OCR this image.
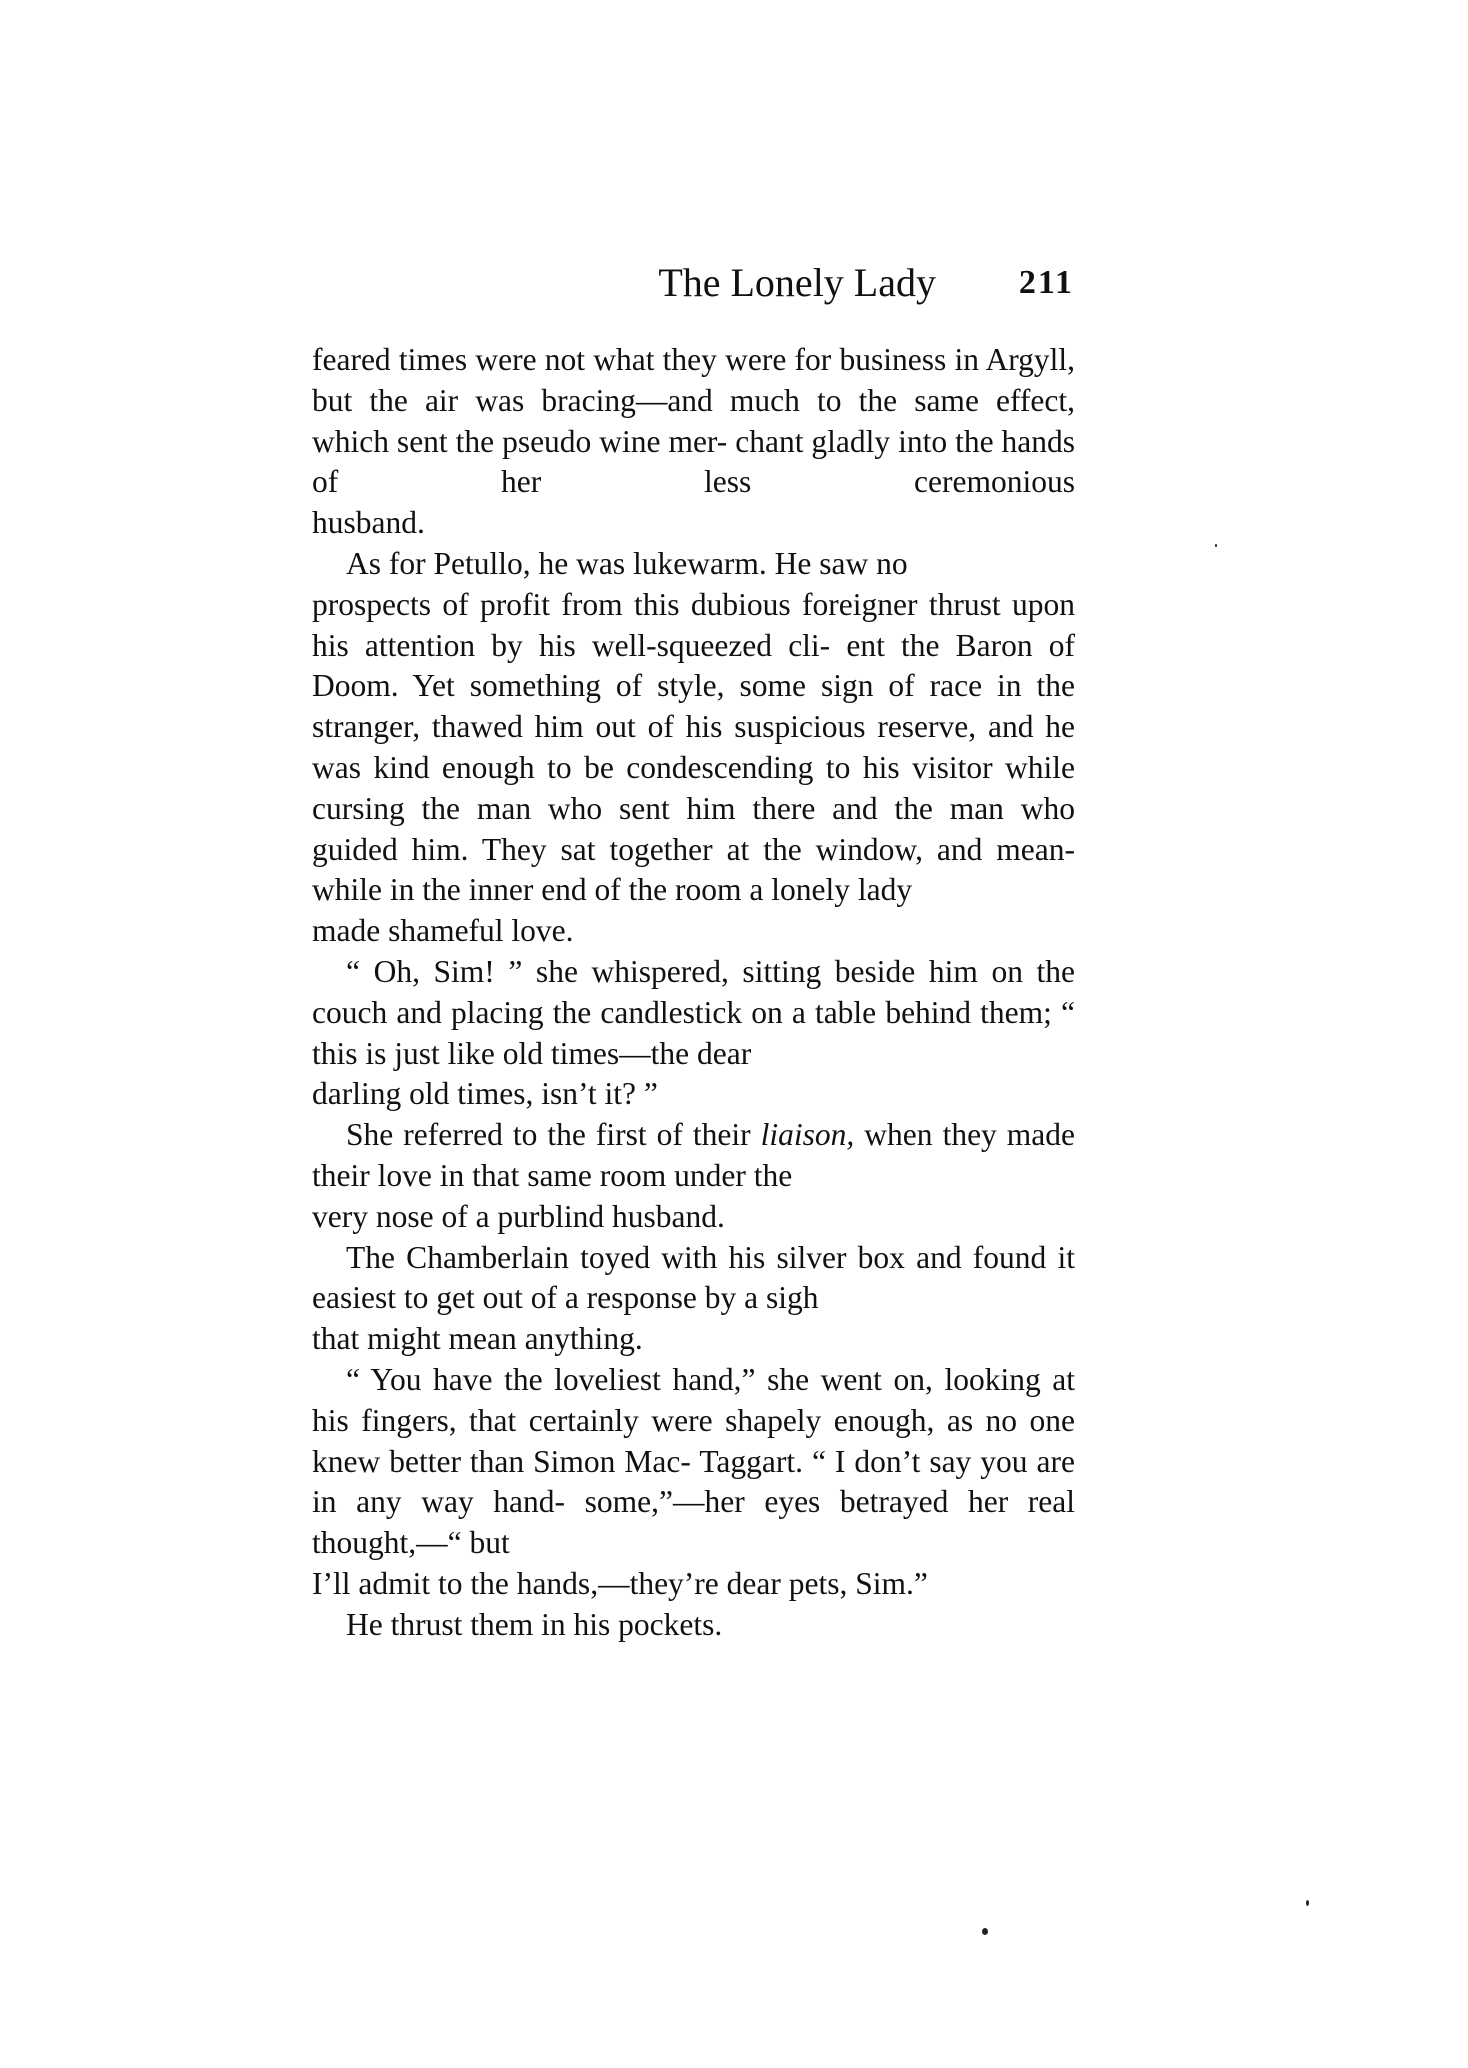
The Lonely Lady 211

feared times were not what they were for business in Argyll, but the air was bracing—and much to the same effect, which sent the pseudo wine mer- chant gladly into the hands of her less ceremonious
husband.

As for Petullo, he was lukewarm. He saw no
prospects of profit from this dubious foreigner thrust upon his attention by his well-squeezed cli- ent the Baron of Doom. Yet something of style, some sign of race in the stranger, thawed him out of his suspicious reserve, and he was kind enough to be condescending to his visitor while cursing the man who sent him there and the man who guided him. They sat together at the window, and mean- while in the inner end of the room a lonely lady
made shameful love.

“ Oh, Sim! ” she whispered, sitting beside him on the couch and placing the candlestick on a table behind them; “ this is just like old times—the dear
darling old times, isn’t it? ”

She referred to the first of their liaison, when they made their love in that same room under the
very nose of a purblind husband.

The Chamberlain toyed with his silver box and found it easiest to get out of a response by a sigh
that might mean anything.

“ You have the loveliest hand,” she went on, looking at his fingers, that certainly were shapely enough, as no one knew better than Simon Mac- Taggart. “ I don’t say you are in any way hand- some,”—her eyes betrayed her real thought,—“ but
I’ll admit to the hands,—they’re dear pets, Sim.”

He thrust them in his pockets.
